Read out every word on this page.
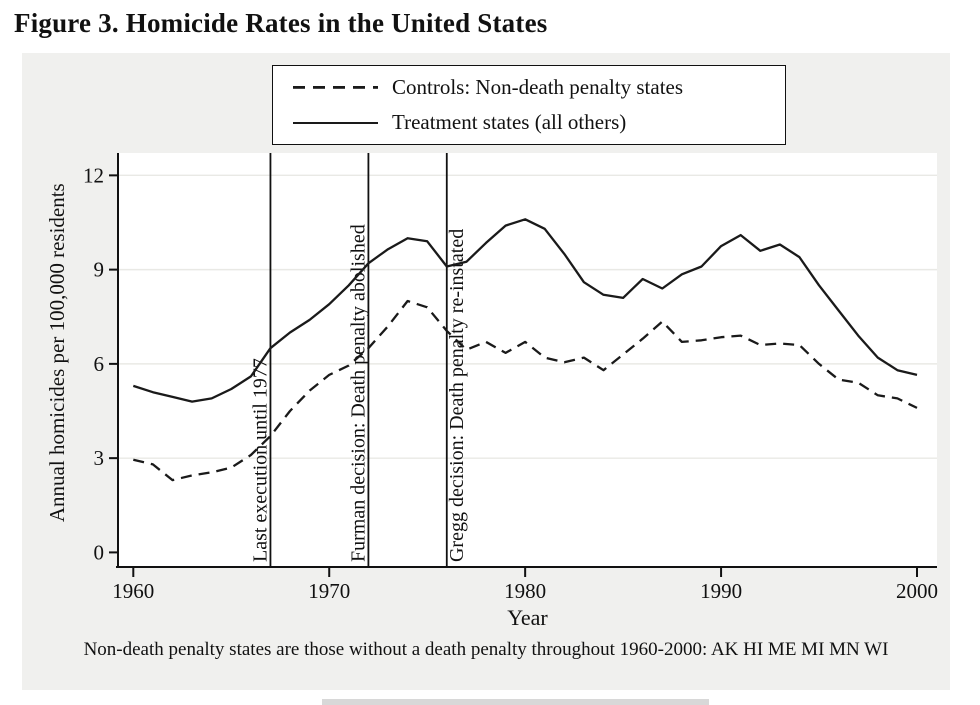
Figure 3. Homicide Rates in the United States
Last execution until 1977	Furman decision: Death penalty abolished	Gregg decision: Death penalty re-instated
0
3
6
9
12
1960	1970	1980	1990	2000
Year
Annual homicides per 100,000 residents
Controls: Non-death penalty states
Treatment states (all others)
Non-death penalty states are those without a death penalty throughout 1960-2000: AK HI ME MI MN WI
